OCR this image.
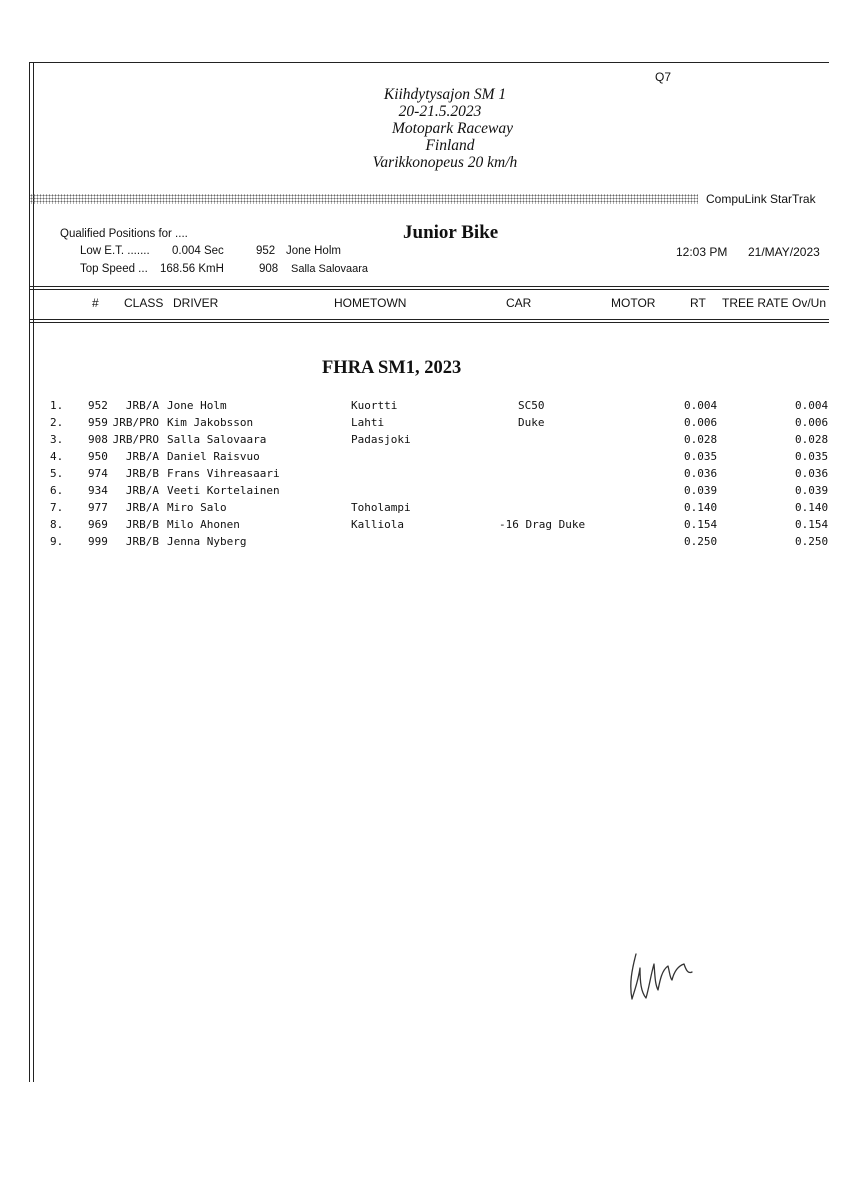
Q7
Kiihdytysajon SM 1
20-21.5.2023
Motopark Raceway
Finland
Varikkonopeus 20 km/h
CompuLink StarTrak
Qualified Positions for ....	Junior Bike
Low E.T. ....... 0.004 Sec	952 Jone Holm
Top Speed ... 168.56 KmH	908 Salla Salovaara
12:03 PM 21/MAY/2023
# CLASS DRIVER	HOMETOWN	CAR	MOTOR	RT TREE RATE Ov/Un
FHRA SM1, 2023
1. 952 JRB/A Jone Holm	Kuortti	SC50	0.004	0.004
2. 959 JRB/PRO Kim Jakobsson	Lahti	Duke	0.006	0.006
3. 908 JRB/PRO Salla Salovaara	Padasjoki	0.028	0.028
4. 950 JRB/A Daniel Raisvuo	0.035	0.035
5. 974 JRB/B Frans Vihreasaari	0.036	0.036
6. 934 JRB/A Veeti Kortelainen	0.039	0.039
7. 977 JRB/A Miro Salo	Toholampi	0.140	0.140
8. 969 JRB/B Milo Ahonen	Kalliola	-16 Drag Duke	0.154	0.154
9. 999 JRB/B Jenna Nyberg	0.250	0.250
